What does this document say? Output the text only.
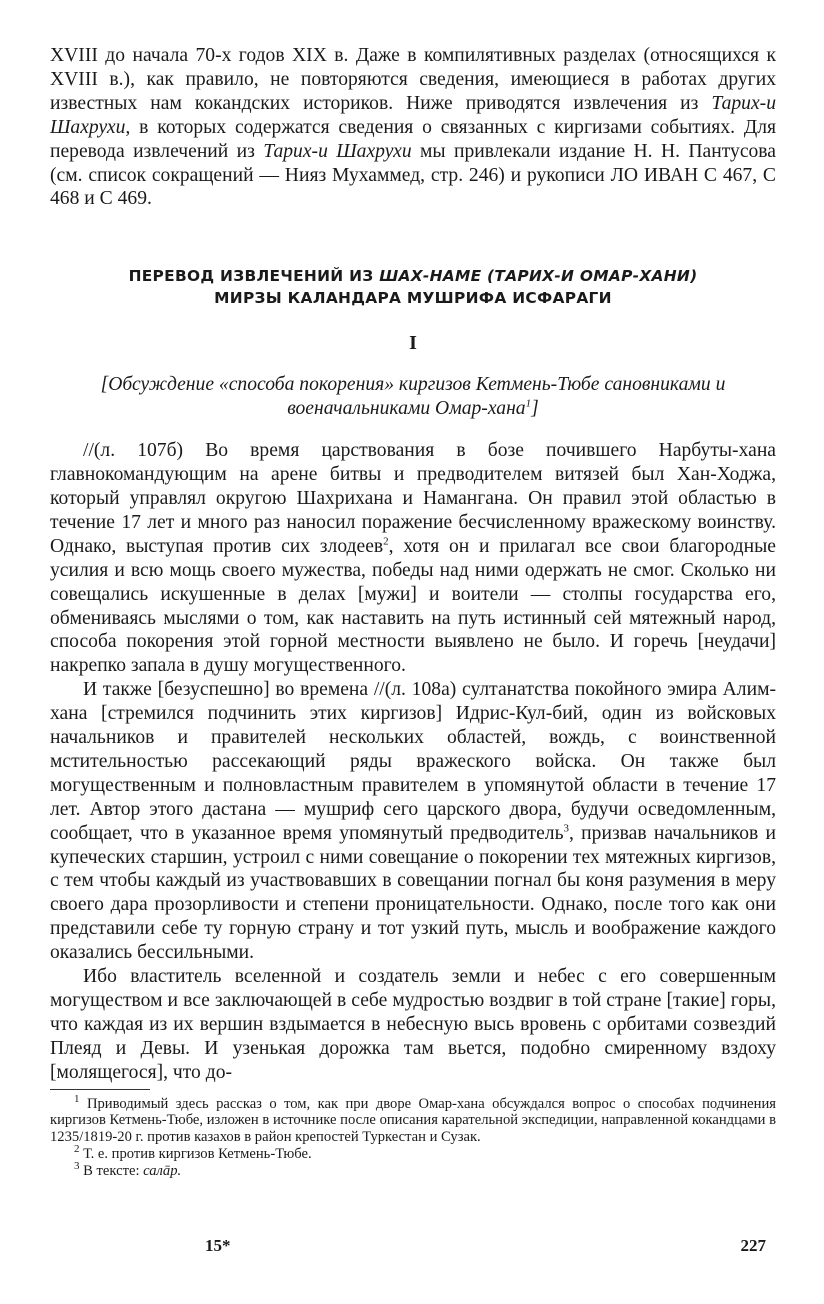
XVIII до начала 70-х годов XIX в. Даже в компилятивных разделах (относящихся к XVIII в.), как правило, не повторяются сведения, имеющиеся в работах других известных нам кокандских историков. Ниже приводятся извлечения из Тарих-и Шахрухи, в которых содержатся сведения о связанных с киргизами событиях. Для перевода извлечений из Тарих-и Шахрухи мы привлекали издание Н. Н. Пантусова (см. список сокращений — Нияз Мухаммед, стр. 246) и рукописи ЛО ИВАН С 467, С 468 и С 469.

ПЕРЕВОД ИЗВЛЕЧЕНИЙ ИЗ ШАХ-НАМЕ (ТАРИХ-И ОМАР-ХАНИ)
МИРЗЫ КАЛАНДАРА МУШРИФА ИСФАРАГИ
I
[Обсуждение «способа покорения» киргизов Кетмень-Тюбе сановниками и военачальниками Омар-хана$^1$]

//(л. 107б) Во время царствования в бозе почившего Нарбуты-хана главнокомандующим на арене битвы и предводителем витязей был Хан-Ходжа, который управлял округою Шахрихана и Намангана. Он правил этой областью в течение 17 лет и много раз наносил поражение бесчисленному вражескому воинству. Однако, выступая против сих злодеев$^2$, хотя он и прилагал все свои благородные усилия и всю мощь своего мужества, победы над ними одержать не смог. Сколько ни совещались искушенные в делах [мужи] и воители — столпы государства его, обмениваясь мыслями о том, как наставить на путь истинный сей мятежный народ, способа покорения этой горной местности выявлено не было. И горечь [неудачи] накрепко запала в душу могущественного.

И также [безуспешно] во времена //(л. 108а) султанатства покойного эмира Алим-хана [стремился подчинить этих киргизов] Идрис-Кул-бий, один из войсковых начальников и правителей нескольких областей, вождь, с воинственной мстительностью рассекающий ряды вражеского войска. Он также был могущественным и полновластным правителем в упомянутой области в течение 17 лет. Автор этого дастана — мушриф сего царского двора, будучи осведомленным, сообщает, что в указанное время упомянутый предводитель$^3$, призвав начальников и купеческих старшин, устроил с ними совещание о покорении тех мятежных киргизов, с тем чтобы каждый из участвовавших в совещании погнал бы коня разумения в меру своего дара прозорливости и степени проницательности. Однако, после того как они представили себе ту горную страну и тот узкий путь, мысль и воображение каждого оказались бессильными.

Ибо властитель вселенной и создатель земли и небес с его совершенным могуществом и все заключающей в себе мудростью воздвиг в той стране [такие] горы, что каждая из их вершин вздымается в небесную высь вровень с орбитами созвездий Плеяд и Девы. И узенькая дорожка там вьется, подобно смиренному вздоху [молящегося], что до-

$^1$ Приводимый здесь рассказ о том, как при дворе Омар-хана обсуждался вопрос о способах подчинения киргизов Кетмень-Тюбе, изложен в источнике после описания карательной экспедиции, направленной кокандцами в 1235/1819-20 г. против казахов в район крепостей Туркестан и Сузак.

$^2$ Т. е. против киргизов Кетмень-Тюбе.

$^3$ В тексте: салāр.

15*	227
